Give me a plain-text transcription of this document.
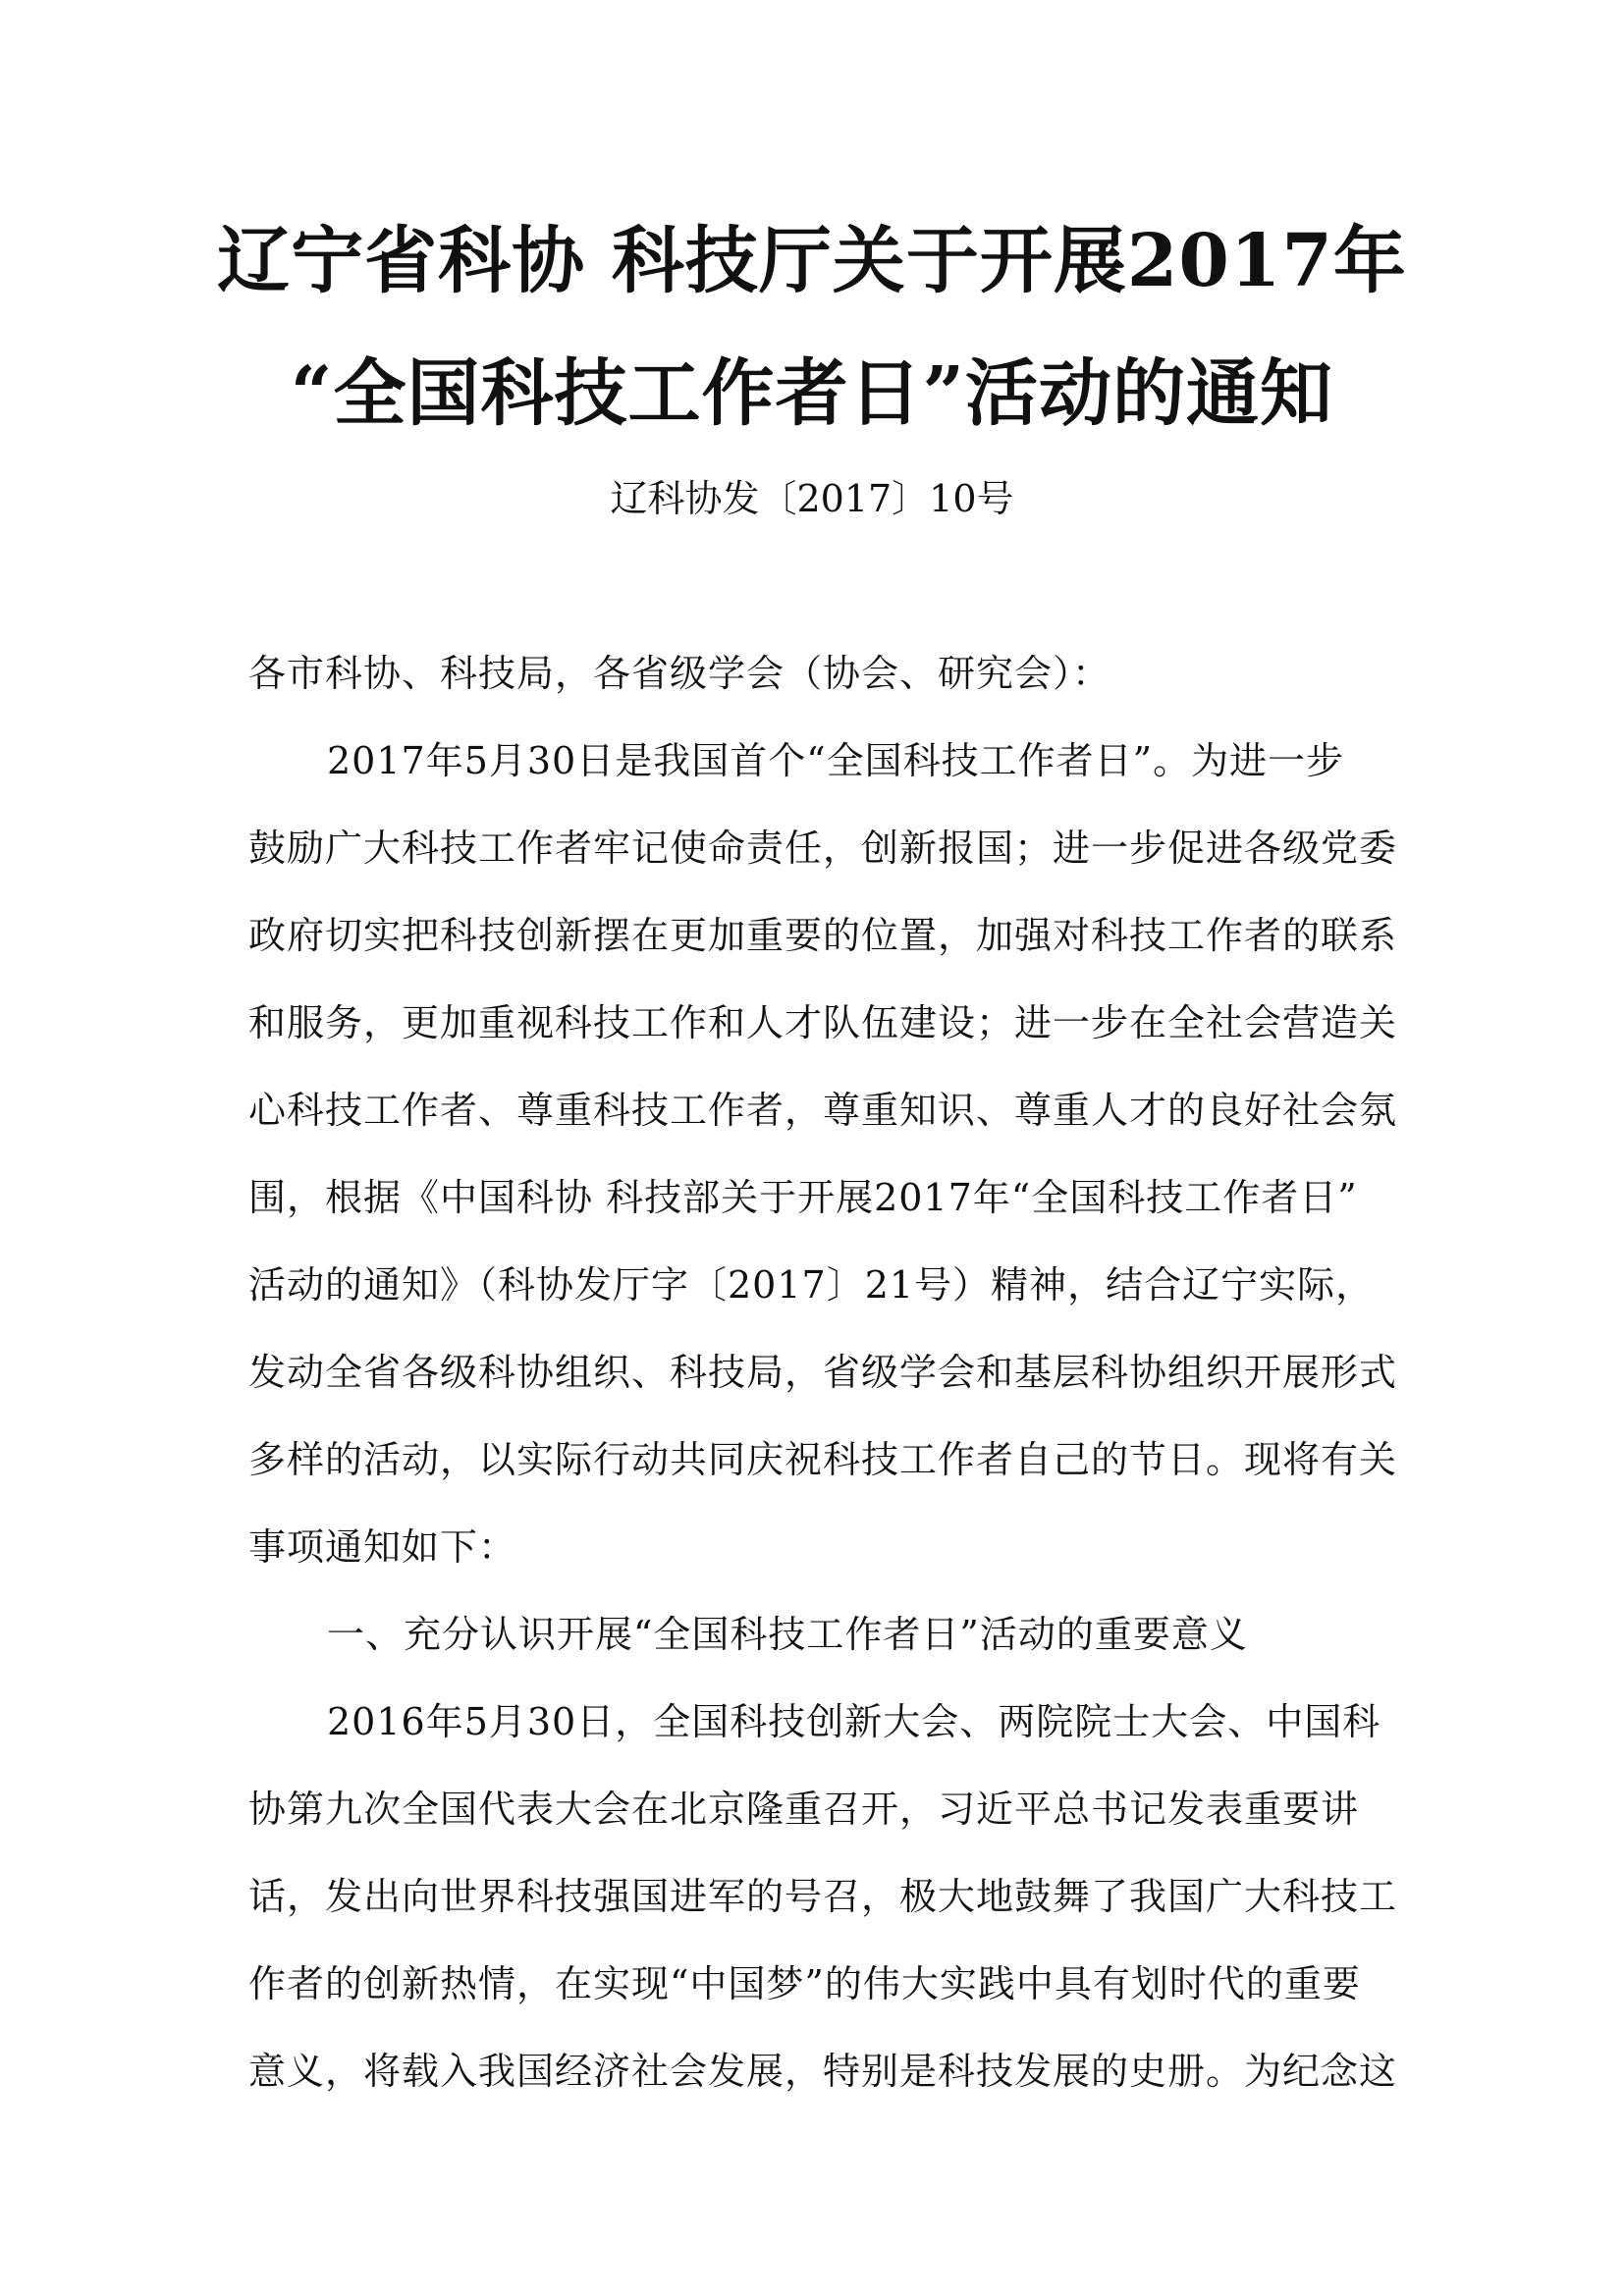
辽宁省科协 科技厅关于开展2017年
“全国科技工作者日”活动的通知
辽科协发〔2017〕10号
各市科协、科技局，各省级学会（协会、研究会）：
2017年5月30日是我国首个“全国科技工作者日”。为进一步
鼓励广大科技工作者牢记使命责任，创新报国；进一步促进各级党委
政府切实把科技创新摆在更加重要的位置，加强对科技工作者的联系
和服务，更加重视科技工作和人才队伍建设；进一步在全社会营造关
心科技工作者、尊重科技工作者，尊重知识、尊重人才的良好社会氛
围，根据《中国科协 科技部关于开展2017年“全国科技工作者日”
活动的通知》（科协发厅字〔2017〕21号）精神，结合辽宁实际，
发动全省各级科协组织、科技局，省级学会和基层科协组织开展形式
多样的活动，以实际行动共同庆祝科技工作者自己的节日。现将有关
事项通知如下：
一、充分认识开展“全国科技工作者日”活动的重要意义
2016年5月30日，全国科技创新大会、两院院士大会、中国科
协第九次全国代表大会在北京隆重召开，习近平总书记发表重要讲
话，发出向世界科技强国进军的号召，极大地鼓舞了我国广大科技工
作者的创新热情，在实现“中国梦”的伟大实践中具有划时代的重要
意义，将载入我国经济社会发展，特别是科技发展的史册。为纪念这
